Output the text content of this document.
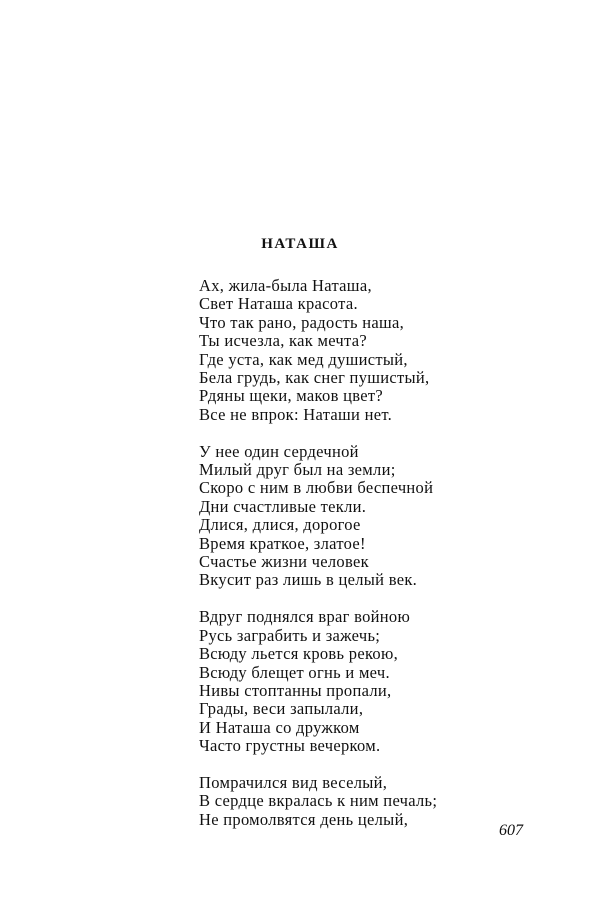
НАТАША
Ах, жила-была Наташа,
Свет Наташа красота.
Что так рано, радость наша,
Ты исчезла, как мечта?
Где уста, как мед душистый,
Бела грудь, как снег пушистый,
Рдяны щеки, маков цвет?
Все не впрок: Наташи нет.
У нее один сердечной
Милый друг был на земли;
Скоро с ним в любви беспечной
Дни счастливые текли.
Длися, длися, дорогое
Время краткое, златое!
Счастье жизни человек
Вкусит раз лишь в целый век.
Вдруг поднялся враг войною
Русь заграбить и зажечь;
Всюду льется кровь рекою,
Всюду блещет огнь и меч.
Нивы стоптанны пропали,
Грады, веси запылали,
И Наташа со дружком
Часто грустны вечерком.
Помрачился вид веселый,
В сердце вкралась к ним печаль;
Не промолвятся день целый,
607
